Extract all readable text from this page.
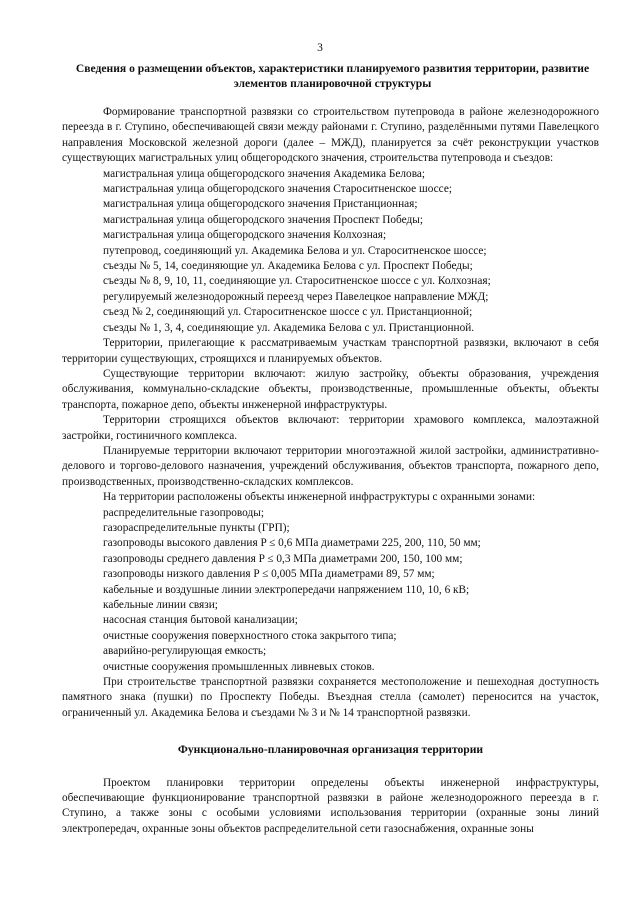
3
Сведения о размещении объектов, характеристики планируемого развития территории, развитие элементов планировочной структуры

Формирование транспортной развязки со строительством путепровода в районе железнодорожного переезда в г. Ступино, обеспечивающей связи между районами г. Ступино, разделёнными путями Павелецкого направления Московской железной дороги (далее – МЖД), планируется за счёт реконструкции участков существующих магистральных улиц общегородского значения, строительства путепровода и съездов:

магистральная улица общегородского значения Академика Белова;
магистральная улица общегородского значения Староситненское шоссе;
магистральная улица общегородского значения Пристанционная;
магистральная улица общегородского значения Проспект Победы;
магистральная улица общегородского значения Колхозная;
путепровод, соединяющий ул. Академика Белова и ул. Староситненское шоссе;
съезды № 5, 14, соединяющие ул. Академика Белова с ул. Проспект Победы;
съезды № 8, 9, 10, 11, соединяющие ул. Староситненское шоссе с ул. Колхозная;
регулируемый железнодорожный переезд через Павелецкое направление МЖД;
съезд № 2, соединяющий ул. Староситненское шоссе с ул. Пристанционной;
съезды № 1, 3, 4, соединяющие ул. Академика Белова с ул. Пристанционной.

Территории, прилегающие к рассматриваемым участкам транспортной развязки, включают в себя территории существующих, строящихся и планируемых объектов.

Существующие территории включают: жилую застройку, объекты образования, учреждения обслуживания, коммунально-складские объекты, производственные, промышленные объекты, объекты транспорта, пожарное депо, объекты инженерной инфраструктуры.

Территории строящихся объектов включают: территории храмового комплекса, малоэтажной застройки, гостиничного комплекса.

Планируемые территории включают территории многоэтажной жилой застройки, административно-делового и торгово-делового назначения, учреждений обслуживания, объектов транспорта, пожарного депо, производственных, производственно-складских комплексов.

На территории расположены объекты инженерной инфраструктуры с охранными зонами:

распределительные газопроводы;
газораспределительные пункты (ГРП);
газопроводы высокого давления P ≤ 0,6 МПа диаметрами 225, 200, 110, 50 мм;
газопроводы среднего давления P ≤ 0,3 МПа диаметрами 200, 150, 100 мм;
газопроводы низкого давления P ≤ 0,005 МПа диаметрами 89, 57 мм;
кабельные и воздушные линии электропередачи напряжением 110, 10, 6 кВ;
кабельные линии связи;
насосная станция бытовой канализации;
очистные сооружения поверхностного стока закрытого типа;
аварийно-регулирующая емкость;
очистные сооружения промышленных ливневых стоков.

При строительстве транспортной развязки сохраняется местоположение и пешеходная доступность памятного знака (пушки) по Проспекту Победы. Въездная стелла (самолет) переносится на участок, ограниченный ул. Академика Белова и съездами № 3 и № 14 транспортной развязки.

Функционально-планировочная организация территории

Проектом планировки территории определены объекты инженерной инфраструктуры, обеспечивающие функционирование транспортной развязки в районе железнодорожного переезда в г. Ступино, а также зоны с особыми условиями использования территории (охранные зоны линий электропередач, охранные зоны объектов распределительной сети газоснабжения, охранные зоны
